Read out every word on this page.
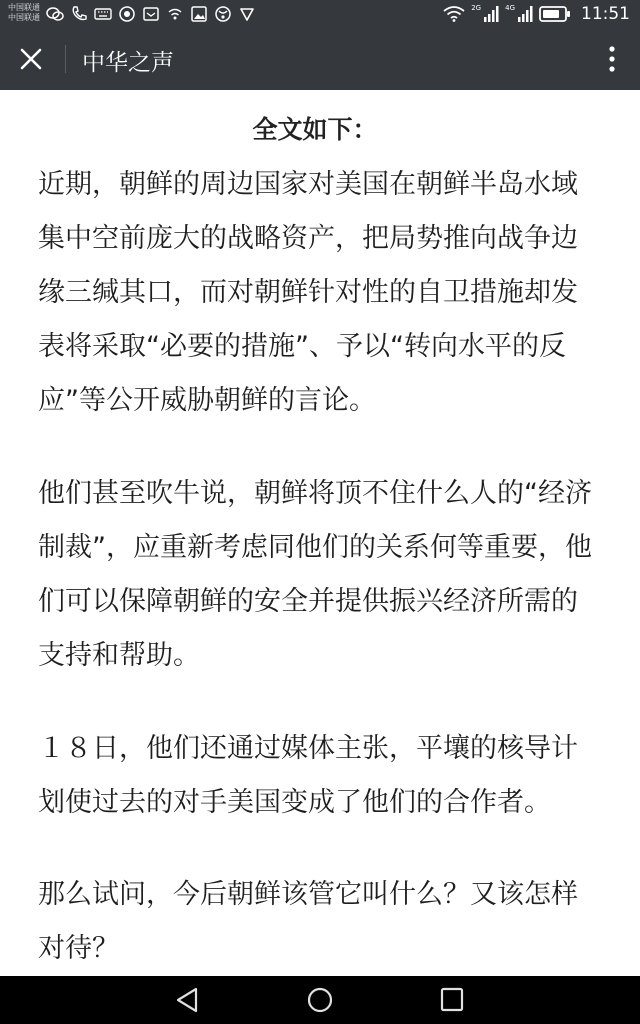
中国联通
中国联通
2G	4G	11:51
中华之声
全文如下：

近期，朝鲜的周边国家对美国在朝鲜半岛水域集中空前庞大的战略资产，把局势推向战争边缘三缄其口，而对朝鲜针对性的自卫措施却发表将采取“必要的措施”、予以“转向水平的反应”等公开威胁朝鲜的言论。

他们甚至吹牛说，朝鲜将顶不住什么人的“经济制裁”，应重新考虑同他们的关系何等重要，他们可以保障朝鲜的安全并提供振兴经济所需的支持和帮助。

１８日，他们还通过媒体主张，平壤的核导计划使过去的对手美国变成了他们的合作者。

那么试问，今后朝鲜该管它叫什么？又该怎样对待？
